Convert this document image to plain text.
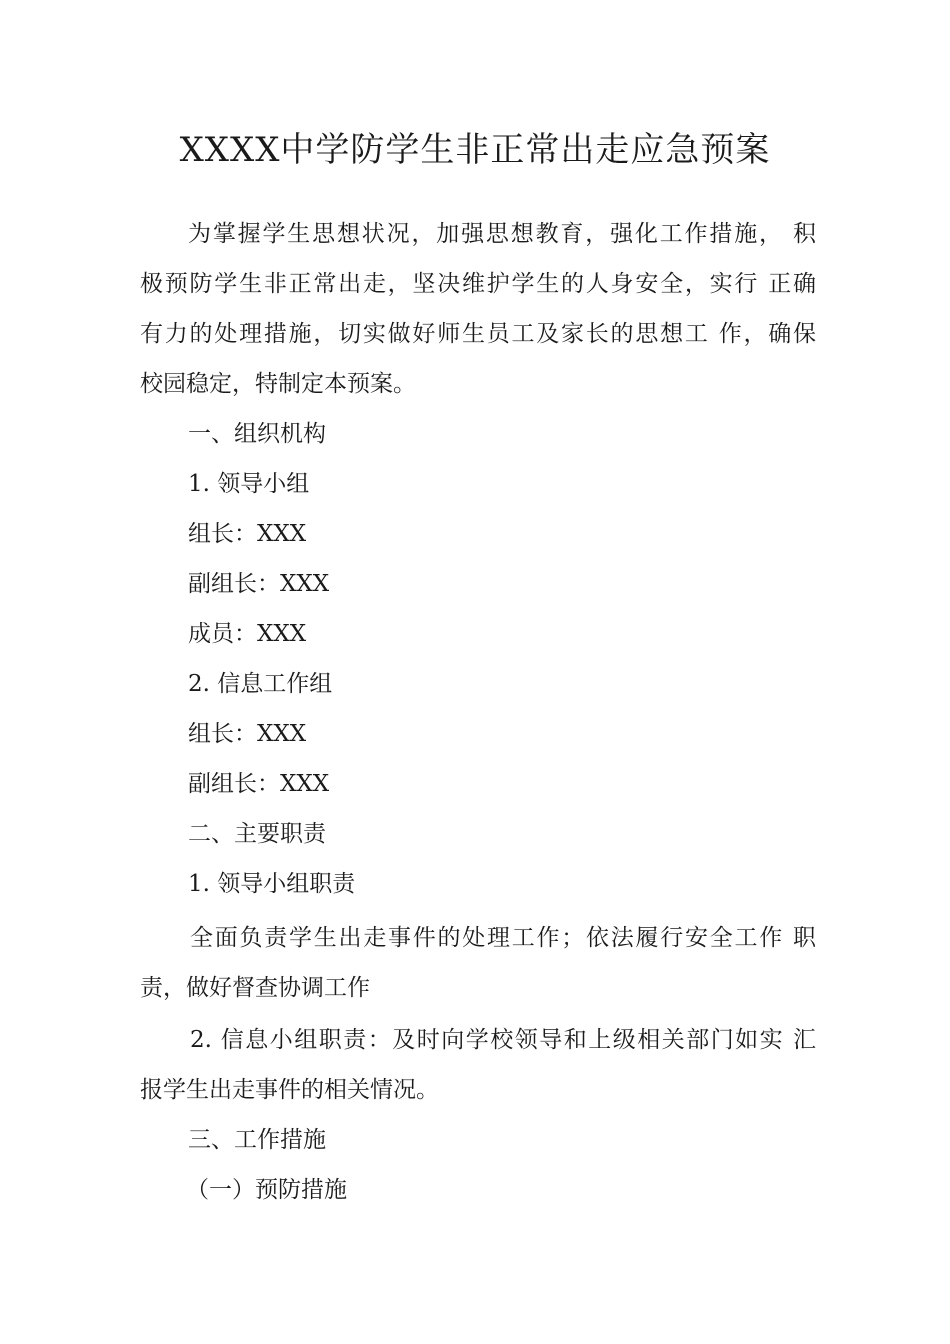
XXXX中学防学生非正常出走应急预案
为掌握学生思想状况，加强思想教育，强化工作措施， 积
极预防学生非正常出走，坚决维护学生的人身安全，实行 正确
有力的处理措施，切实做好师生员工及家长的思想工 作，确保
校园稳定，特制定本预案。
一、组织机构
1. 领导小组
组长：XXX
副组长：XXX
成员：XXX
2. 信息工作组
组长：XXX
副组长：XXX
二、主要职责
1. 领导小组职责
全面负责学生出走事件的处理工作；依法履行安全工作 职
责，做好督查协调工作
2. 信息小组职责：及时向学校领导和上级相关部门如实 汇
报学生出走事件的相关情况。
三、工作措施
（一）预防措施
